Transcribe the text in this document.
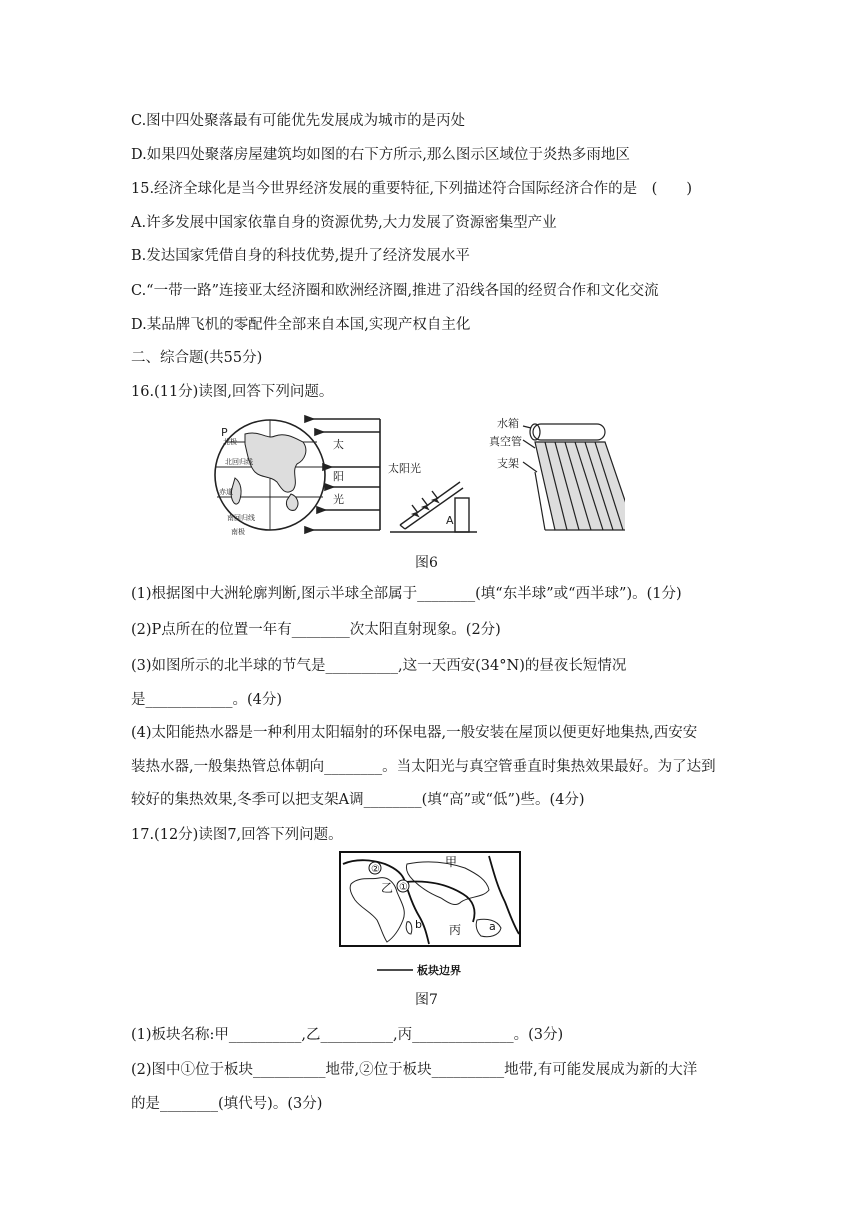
C.图中四处聚落最有可能优先发展成为城市的是丙处
D.如果四处聚落房屋建筑均如图的右下方所示,那么图示区域位于炎热多雨地区
15.经济全球化是当今世界经济发展的重要特征,下列描述符合国际经济合作的是　(　　)
A.许多发展中国家依靠自身的资源优势,大力发展了资源密集型产业
B.发达国家凭借自身的科技优势,提升了经济发展水平
C.“一带一路”连接亚太经济圈和欧洲经济圈,推进了沿线各国的经贸合作和文化交流
D.某品牌飞机的零配件全部来自本国,实现产权自主化
二、综合题(共55分)
16.(11分)读图,回答下列问题。
P
北极
北回归线
赤道
南回归线
南极
太
阳
光
太阳光
A
水箱
真空管
支架
图6
(1)根据图中大洲轮廓判断,图示半球全部属于________(填“东半球”或“西半球”)。(1分)
(2)P点所在的位置一年有________次太阳直射现象。(2分)
(3)如图所示的北半球的节气是__________,这一天西安(34°N)的昼夜长短情况
是____________。(4分)
(4)太阳能热水器是一种利用太阳辐射的环保电器,一般安装在屋顶以便更好地集热,西安安
装热水器,一般集热管总体朝向________。当太阳光与真空管垂直时集热效果最好。为了达到
较好的集热效果,冬季可以把支架A调________(填“高”或“低”)些。(4分)
17.(12分)读图7,回答下列问题。
②
①
甲
乙
丙	a
b
板块边界
图7
(1)板块名称:甲__________,乙__________,丙______________。(3分)
(2)图中①位于板块__________地带,②位于板块__________地带,有可能发展成为新的大洋
的是________(填代号)。(3分)
